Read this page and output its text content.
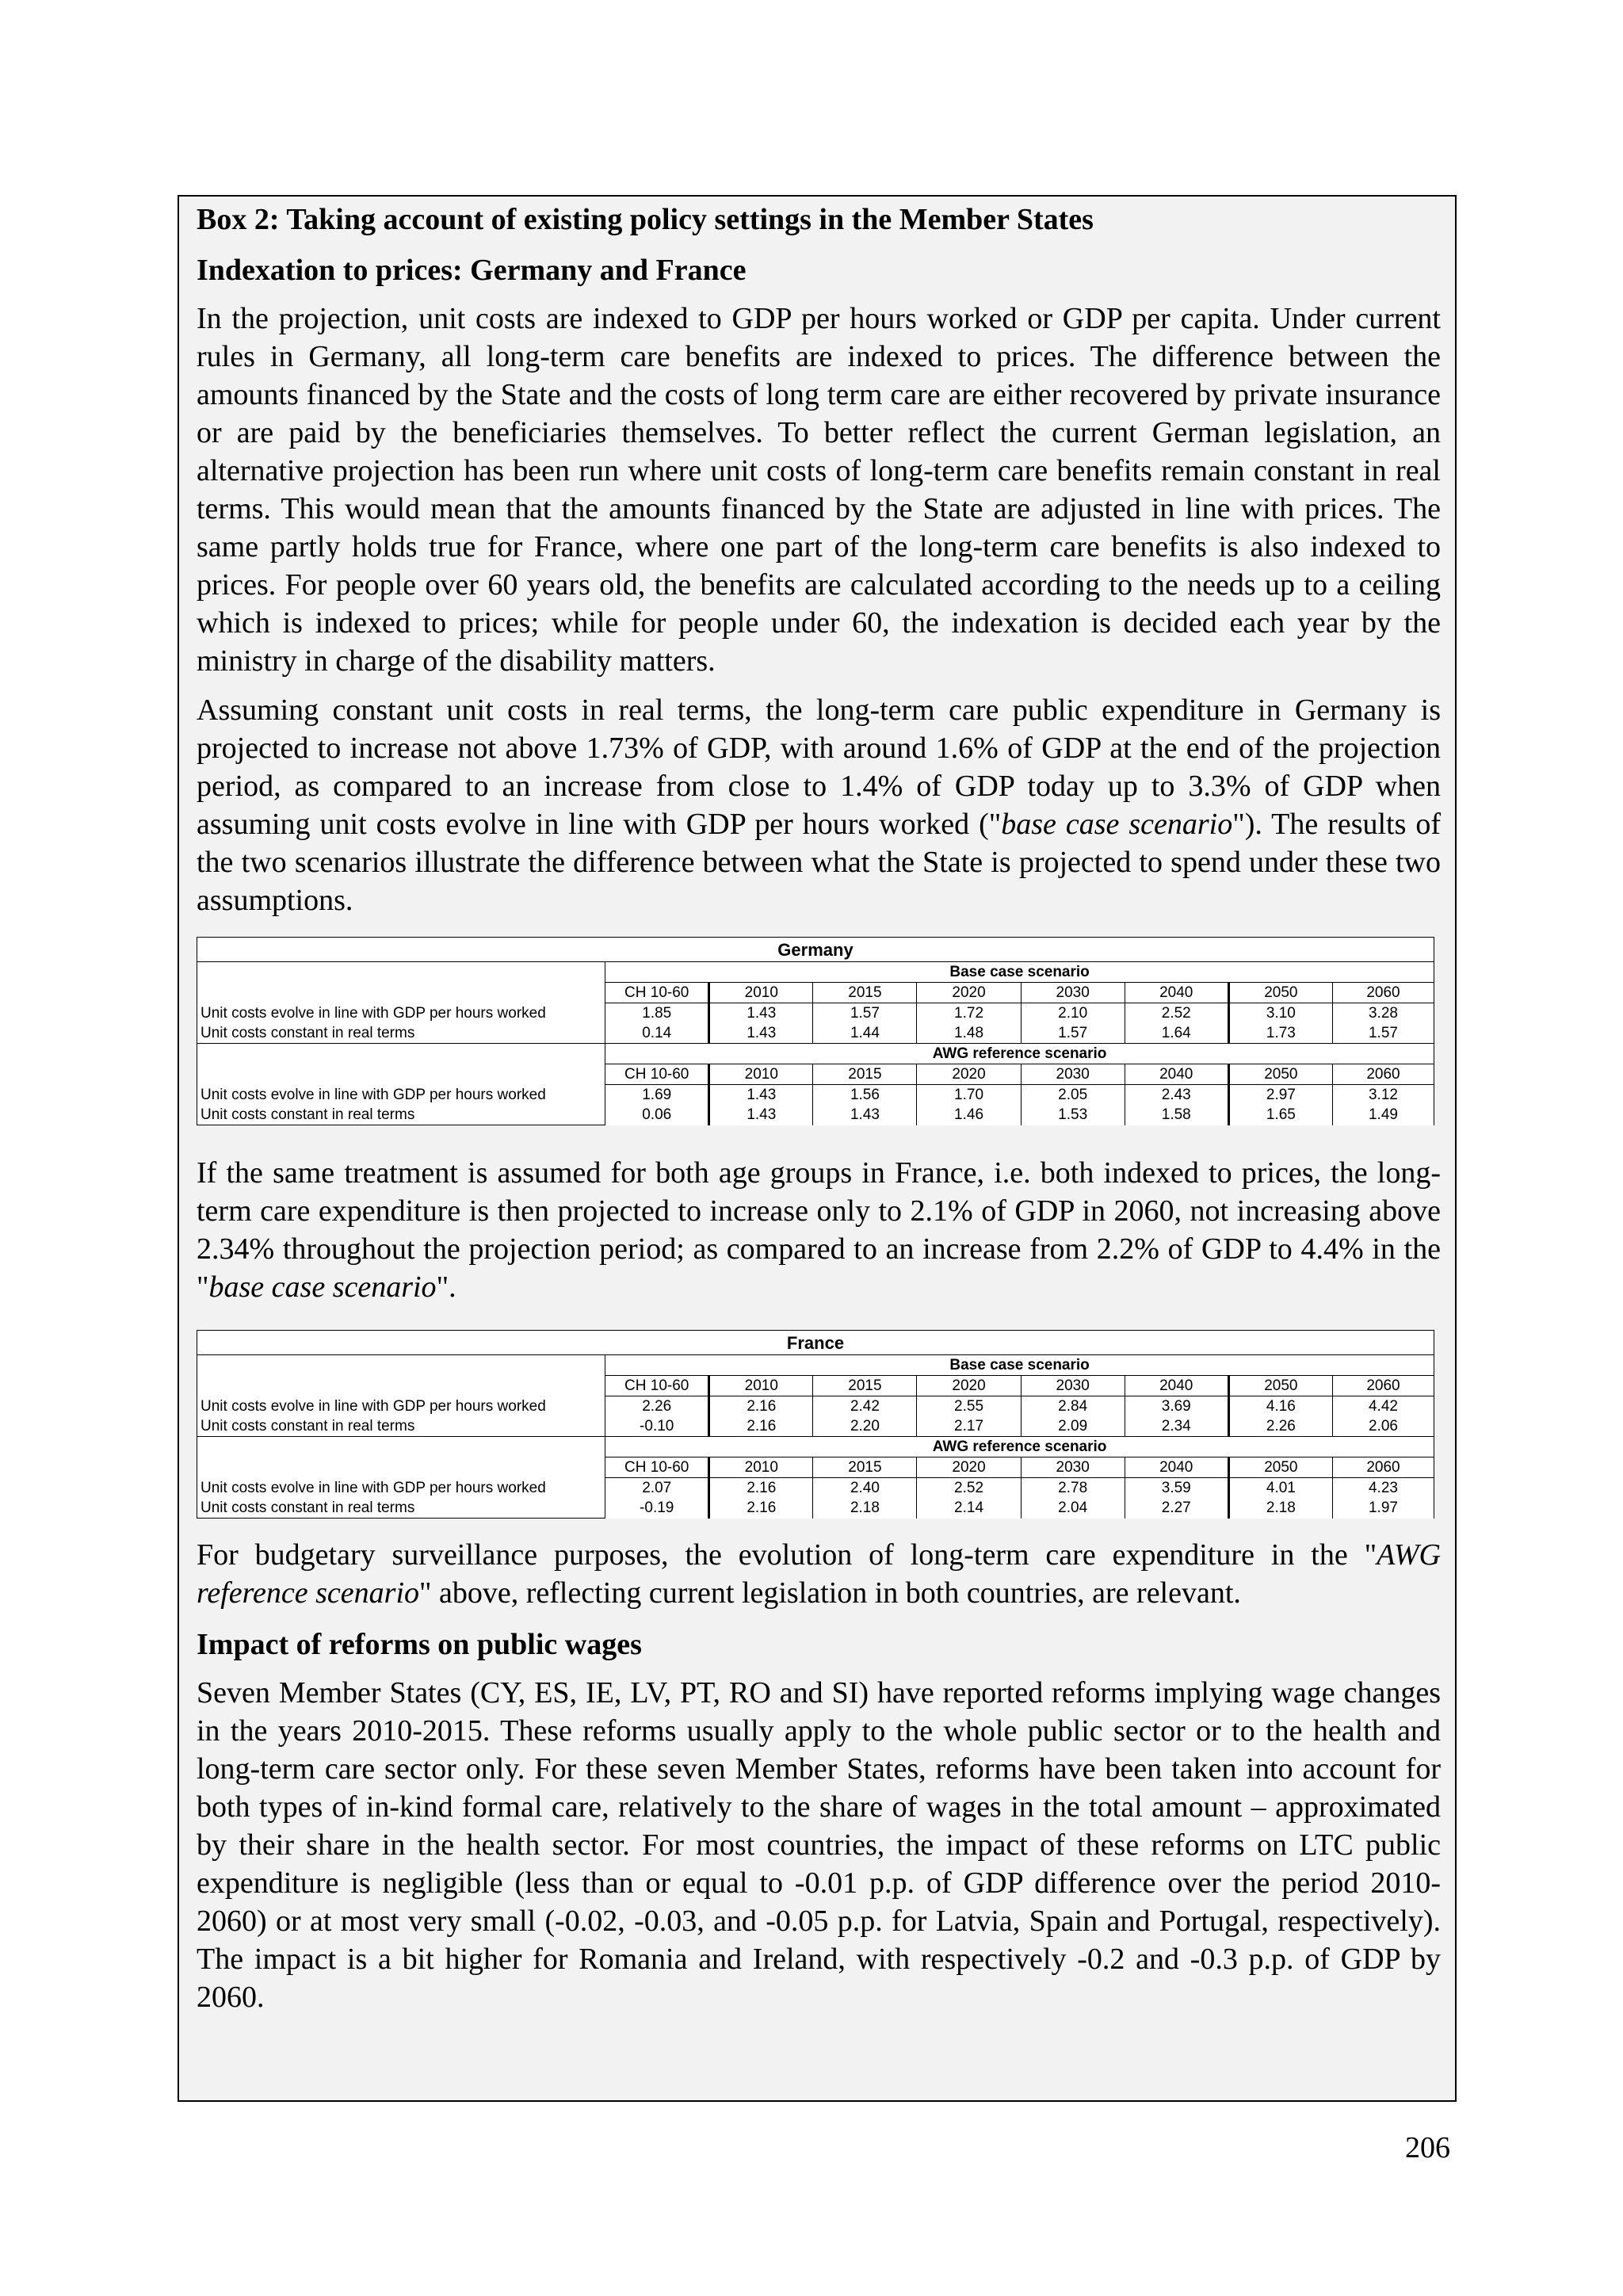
Box 2: Taking account of existing policy settings in the Member States

Indexation to prices: Germany and France

In the projection, unit costs are indexed to GDP per hours worked or GDP per capita. Under current rules in Germany, all long-term care benefits are indexed to prices. The difference between the amounts financed by the State and the costs of long term care are either recovered by private insurance or are paid by the beneficiaries themselves. To better reflect the current German legislation, an alternative projection has been run where unit costs of long-term care benefits remain constant in real terms. This would mean that the amounts financed by the State are adjusted in line with prices. The same partly holds true for France, where one part of the long-term care benefits is also indexed to prices. For people over 60 years old, the benefits are calculated according to the needs up to a ceiling which is indexed to prices; while for people under 60, the indexation is decided each year by the ministry in charge of the disability matters.

Assuming constant unit costs in real terms, the long-term care public expenditure in Germany is projected to increase not above 1.73% of GDP, with around 1.6% of GDP at the end of the projection period, as compared to an increase from close to 1.4% of GDP today up to 3.3% of GDP when assuming unit costs evolve in line with GDP per hours worked ("base case scenario"). The results of the two scenarios illustrate the difference between what the State is projected to spend under these two assumptions.

Germany								
	Base case scenario							
	CH 10-60	2010	2015	2020	2030	2040	2050	2060
Unit costs evolve in line with GDP per hours worked	1.85	1.43	1.57	1.72	2.10	2.52	3.10	3.28
Unit costs constant in real terms	0.14	1.43	1.44	1.48	1.57	1.64	1.73	1.57
	AWG reference scenario							
	CH 10-60	2010	2015	2020	2030	2040	2050	2060
Unit costs evolve in line with GDP per hours worked	1.69	1.43	1.56	1.70	2.05	2.43	2.97	3.12
Unit costs constant in real terms	0.06	1.43	1.43	1.46	1.53	1.58	1.65	1.49

If the same treatment is assumed for both age groups in France, i.e. both indexed to prices, the long-term care expenditure is then projected to increase only to 2.1% of GDP in 2060, not increasing above 2.34% throughout the projection period; as compared to an increase from 2.2% of GDP to 4.4% in the "base case scenario".

France								
	Base case scenario							
	CH 10-60	2010	2015	2020	2030	2040	2050	2060
Unit costs evolve in line with GDP per hours worked	2.26	2.16	2.42	2.55	2.84	3.69	4.16	4.42
Unit costs constant in real terms	-0.10	2.16	2.20	2.17	2.09	2.34	2.26	2.06
	AWG reference scenario							
	CH 10-60	2010	2015	2020	2030	2040	2050	2060
Unit costs evolve in line with GDP per hours worked	2.07	2.16	2.40	2.52	2.78	3.59	4.01	4.23
Unit costs constant in real terms	-0.19	2.16	2.18	2.14	2.04	2.27	2.18	1.97

For budgetary surveillance purposes, the evolution of long-term care expenditure in the "AWG reference scenario" above, reflecting current legislation in both countries, are relevant.

Impact of reforms on public wages

Seven Member States (CY, ES, IE, LV, PT, RO and SI) have reported reforms implying wage changes in the years 2010-2015. These reforms usually apply to the whole public sector or to the health and long-term care sector only. For these seven Member States, reforms have been taken into account for both types of in-kind formal care, relatively to the share of wages in the total amount – approximated by their share in the health sector. For most countries, the impact of these reforms on LTC public expenditure is negligible (less than or equal to -0.01 p.p. of GDP difference over the period 2010-2060) or at most very small (-0.02, -0.03, and -0.05 p.p. for Latvia, Spain and Portugal, respectively). The impact is a bit higher for Romania and Ireland, with respectively -0.2 and -0.3 p.p. of GDP by 2060.

206
